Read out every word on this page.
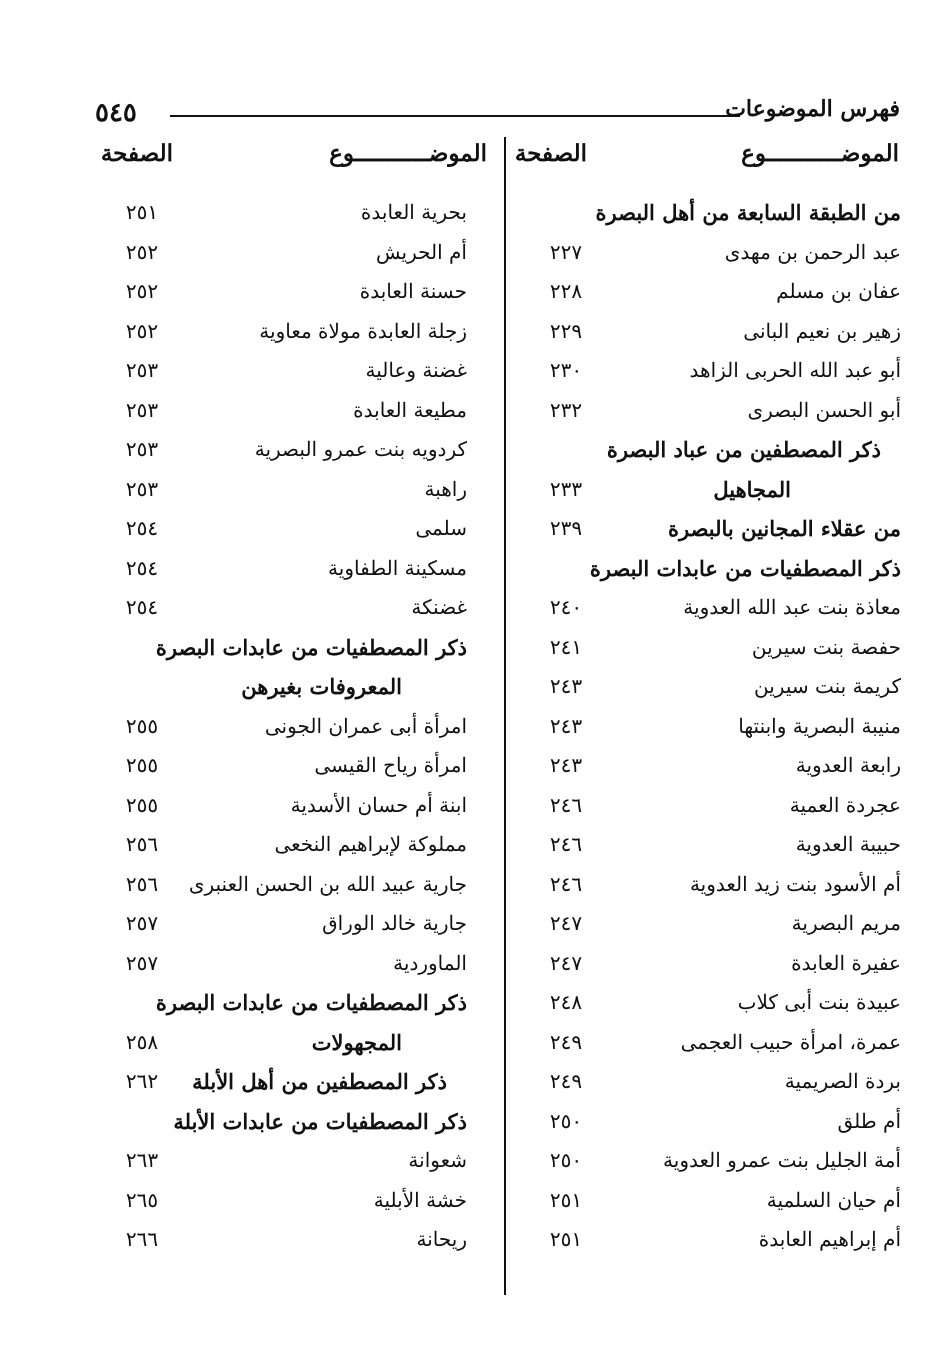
فهرس الموضوعات
٥٤٥
الموضـــــــــــوع
الصفحة
الموضـــــــــــوع
الصفحة
من الطبقة السابعة من أهل البصرة
عبد الرحمن بن مهدى
٢٢٧
عفان بن مسلم
٢٢٨
زهير بن نعيم البانى
٢٢٩
أبو عبد الله الحربى الزاهد
٢٣٠
أبو الحسن البصرى
٢٣٢
ذكر المصطفين من عباد البصرة
المجاهيل
٢٣٣
من عقلاء المجانين بالبصرة
٢٣٩
ذكر المصطفيات من عابدات البصرة
معاذة بنت عبد الله العدوية
٢٤٠
حفصة بنت سيرين
٢٤١
كريمة بنت سيرين
٢٤٣
منيبة البصرية وابنتها
٢٤٣
رابعة العدوية
٢٤٣
عجردة العمية
٢٤٦
حبيبة العدوية
٢٤٦
أم الأسود بنت زيد العدوية
٢٤٦
مريم البصرية
٢٤٧
عفيرة العابدة
٢٤٧
عبيدة بنت أبى كلاب
٢٤٨
عمرة، امرأة حبيب العجمى
٢٤٩
بردة الصريمية
٢٤٩
أم طلق
٢٥٠
أمة الجليل بنت عمرو العدوية
٢٥٠
أم حيان السلمية
٢٥١
أم إبراهيم العابدة
٢٥١
بحرية العابدة
٢٥١
أم الحريش
٢٥٢
حسنة العابدة
٢٥٢
زجلة العابدة مولاة معاوية
٢٥٢
غضنة وعالية
٢٥٣
مطيعة العابدة
٢٥٣
كردويه بنت عمرو البصرية
٢٥٣
راهبة
٢٥٣
سلمى
٢٥٤
مسكينة الطفاوية
٢٥٤
غضنكة
٢٥٤
ذكر المصطفيات من عابدات البصرة
المعروفات بغيرهن
امرأة أبى عمران الجونى
٢٥٥
امرأة رياح القيسى
٢٥٥
ابنة أم حسان الأسدية
٢٥٥
مملوكة لإبراهيم النخعى
٢٥٦
جارية عبيد الله بن الحسن العنبرى
٢٥٦
جارية خالد الوراق
٢٥٧
الماوردية
٢٥٧
ذكر المصطفيات من عابدات البصرة
المجهولات
٢٥٨
ذكر المصطفين من أهل الأبلة
٢٦٢
ذكر المصطفيات من عابدات الأبلة
شعوانة
٢٦٣
خشة الأبلية
٢٦٥
ريحانة
٢٦٦
